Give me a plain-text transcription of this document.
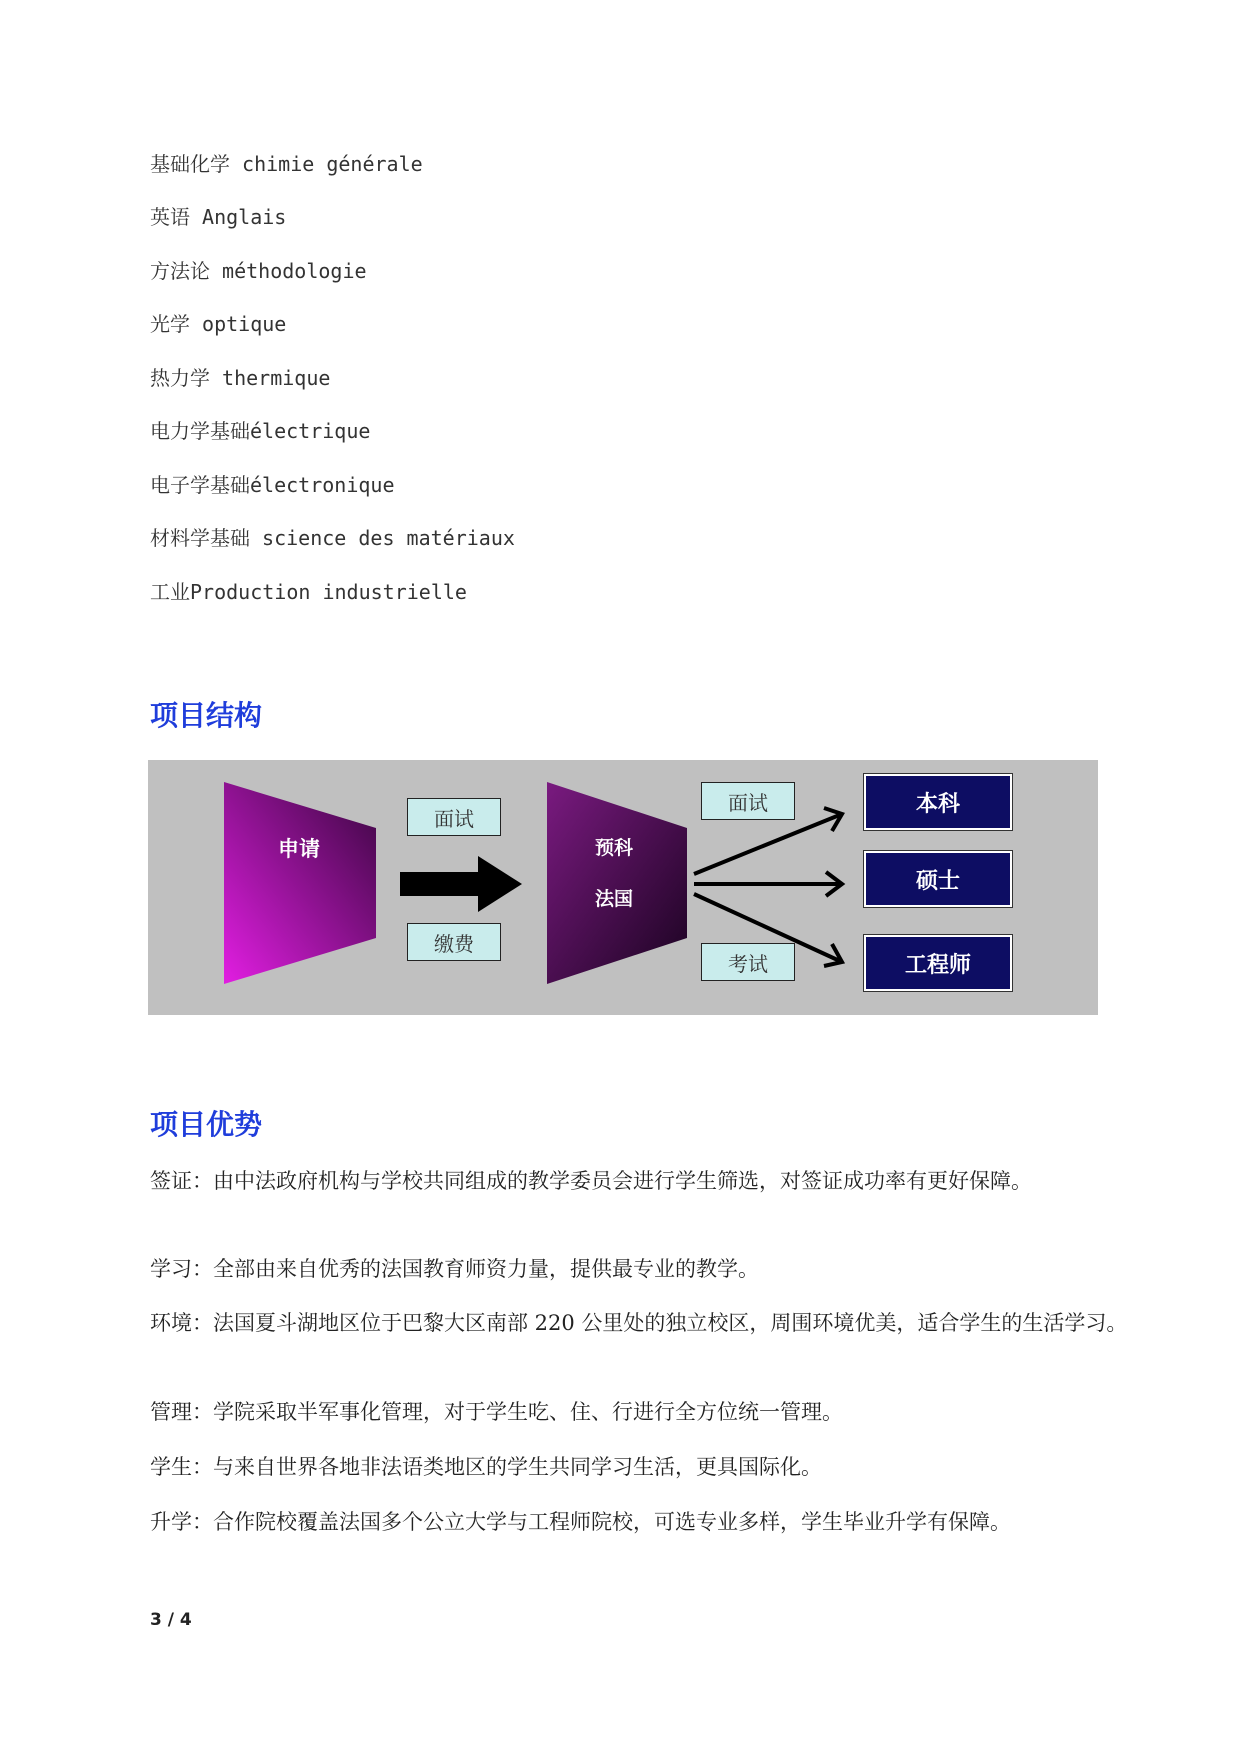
基础化学 chimie générale
英语 Anglais
方法论 méthodologie
光学 optique
热力学 thermique
电力学基础électrique
电子学基础électronique
材料学基础 science des matériaux
工业Production industrielle
项目结构
申请	预科
法国
面试
缴费
面试
考试
本科
硕士
工程师
项目优势
签证：由中法政府机构与学校共同组成的教学委员会进行学生筛选，对签证成功率有更好保障。
学习：全部由来自优秀的法国教育师资力量，提供最专业的教学。
环境：法国夏斗湖地区位于巴黎大区南部 220 公里处的独立校区，周围环境优美，适合学生的生活学习。
管理：学院采取半军事化管理，对于学生吃、住、行进行全方位统一管理。
学生：与来自世界各地非法语类地区的学生共同学习生活，更具国际化。
升学：合作院校覆盖法国多个公立大学与工程师院校，可选专业多样，学生毕业升学有保障。
3 / 4
